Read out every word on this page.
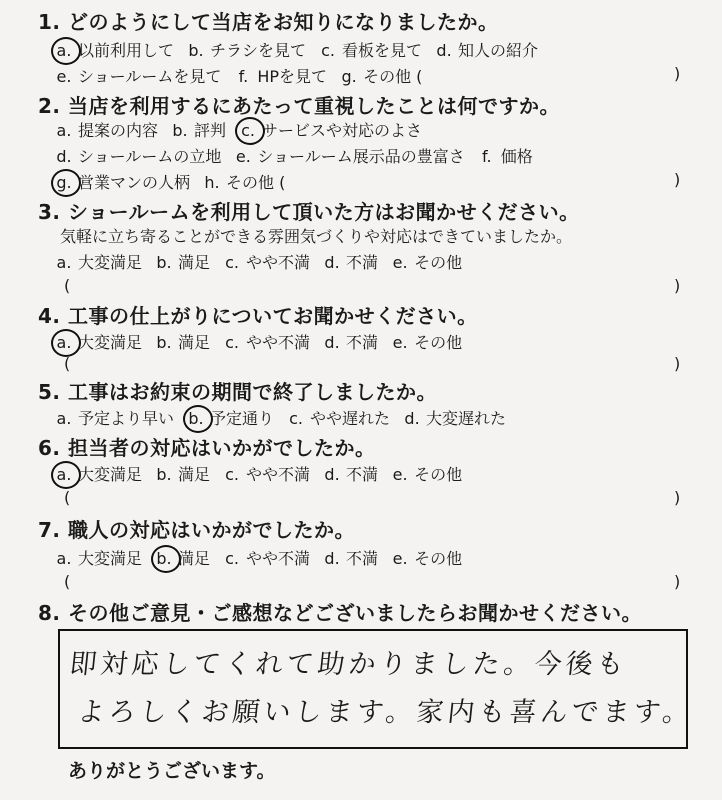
1. どのようにして当店をお知りになりましたか。
a. 以前利用して b. チラシを見て c. 看板を見て d. 知人の紹介
e. ショールームを見て f. HPを見て g. その他 (	)
2. 当店を利用するにあたって重視したことは何ですか。
a. 提案の内容 b. 評判 c. サービスや対応のよさ
d. ショールームの立地 e. ショールーム展示品の豊富さ f. 価格
g. 営業マンの人柄 h. その他 (	)
3. ショールームを利用して頂いた方はお聞かせください。
気軽に立ち寄ることができる雰囲気づくりや対応はできていましたか。
a. 大変満足 b. 満足 c. やや不満 d. 不満 e. その他
(	)
4. 工事の仕上がりについてお聞かせください。
a. 大変満足 b. 満足 c. やや不満 d. 不満 e. その他
(	)
5. 工事はお約束の期間で終了しましたか。
a. 予定より早い b. 予定通り c. やや遅れた d. 大変遅れた
6. 担当者の対応はいかがでしたか。
a. 大変満足 b. 満足 c. やや不満 d. 不満 e. その他
(	)
7. 職人の対応はいかがでしたか。
a. 大変満足 b. 満足 c. やや不満 d. 不満 e. その他
(	)
8. その他ご意見・ご感想などございましたらお聞かせください。
即対応してくれて助かりました。今後も
よろしくお願いします。家内も喜んでます。
ありがとうございます。
